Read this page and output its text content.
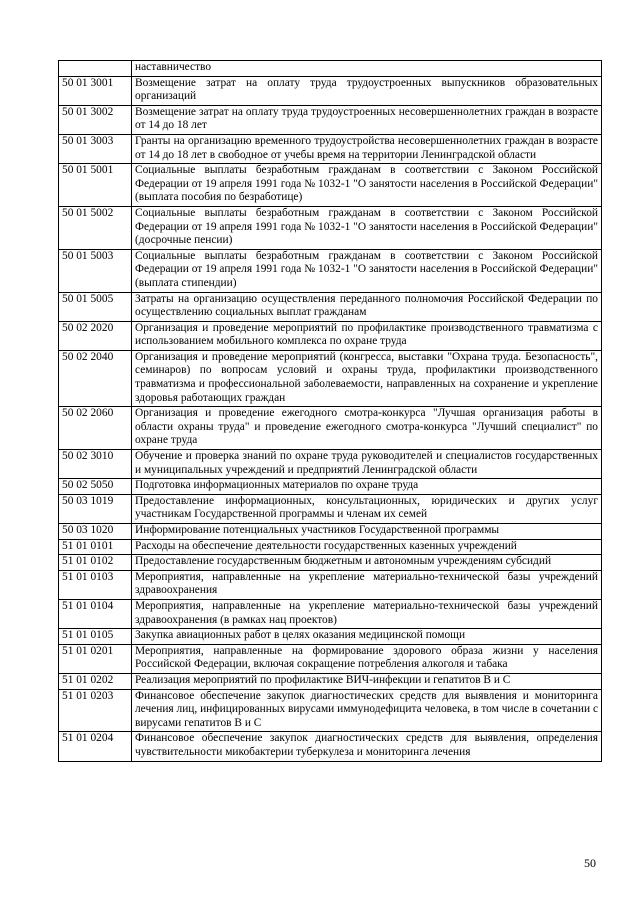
	наставничество
50 01 3001	Возмещение затрат на оплату труда трудоустроенных выпускников образовательных организаций
50 01 3002	Возмещение затрат на оплату труда трудоустроенных несовершеннолетних граждан в возрасте от 14 до 18 лет
50 01 3003	Гранты на организацию временного трудоустройства несовершеннолетних граждан в возрасте от 14 до 18 лет в свободное от учебы время на территории Ленинградской области
50 01 5001	Социальные выплаты безработным гражданам в соответствии с Законом Российской Федерации от 19 апреля 1991 года № 1032-1 "О занятости населения в Российской Федерации" (выплата пособия по безработице)
50 01 5002	Социальные выплаты безработным гражданам в соответствии с Законом Российской Федерации от 19 апреля 1991 года № 1032-1 "О занятости населения в Российской Федерации" (досрочные пенсии)
50 01 5003	Социальные выплаты безработным гражданам в соответствии с Законом Российской Федерации от 19 апреля 1991 года № 1032-1 "О занятости населения в Российской Федерации" (выплата стипендии)
50 01 5005	Затраты на организацию осуществления переданного полномочия Российской Федерации по осуществлению социальных выплат гражданам
50 02 2020	Организация и проведение мероприятий по профилактике производственного травматизма с использованием мобильного комплекса по охране труда
50 02 2040	Организация и проведение мероприятий (конгресса, выставки "Охрана труда. Безопасность", семинаров) по вопросам условий и охраны труда, профилактики производственного травматизма и профессиональной заболеваемости, направленных на сохранение и укрепление здоровья работающих граждан
50 02 2060	Организация и проведение ежегодного смотра-конкурса "Лучшая организация работы в области охраны труда" и проведение ежегодного смотра-конкурса "Лучший специалист" по охране труда
50 02 3010	Обучение и проверка знаний по охране труда руководителей и специалистов государственных и муниципальных учреждений и предприятий Ленинградской области
50 02 5050	Подготовка информационных материалов по охране труда
50 03 1019	Предоставление информационных, консультационных, юридических и других услуг участникам Государственной программы и членам их семей
50 03 1020	Информирование потенциальных участников Государственной программы
51 01 0101	Расходы на обеспечение деятельности государственных казенных учреждений
51 01 0102	Предоставление государственным бюджетным и автономным учреждениям субсидий
51 01 0103	Мероприятия, направленные на укрепление материально-технической базы учреждений здравоохранения
51 01 0104	Мероприятия, направленные на укрепление материально-технической базы учреждений здравоохранения (в рамках нац проектов)
51 01 0105	Закупка авиационных работ в целях оказания медицинской помощи
51 01 0201	Мероприятия, направленные на формирование здорового образа жизни у населения Российской Федерации, включая сокращение потребления алкоголя и табака
51 01 0202	Реализация мероприятий по профилактике ВИЧ-инфекции и гепатитов B и C
51 01 0203	Финансовое обеспечение закупок диагностических средств для выявления и мониторинга лечения лиц, инфицированных вирусами иммунодефицита человека, в том числе в сочетании с вирусами гепатитов B и C
51 01 0204	Финансовое обеспечение закупок диагностических средств для выявления, определения чувствительности микобактерии туберкулеза и мониторинга лечения
50
